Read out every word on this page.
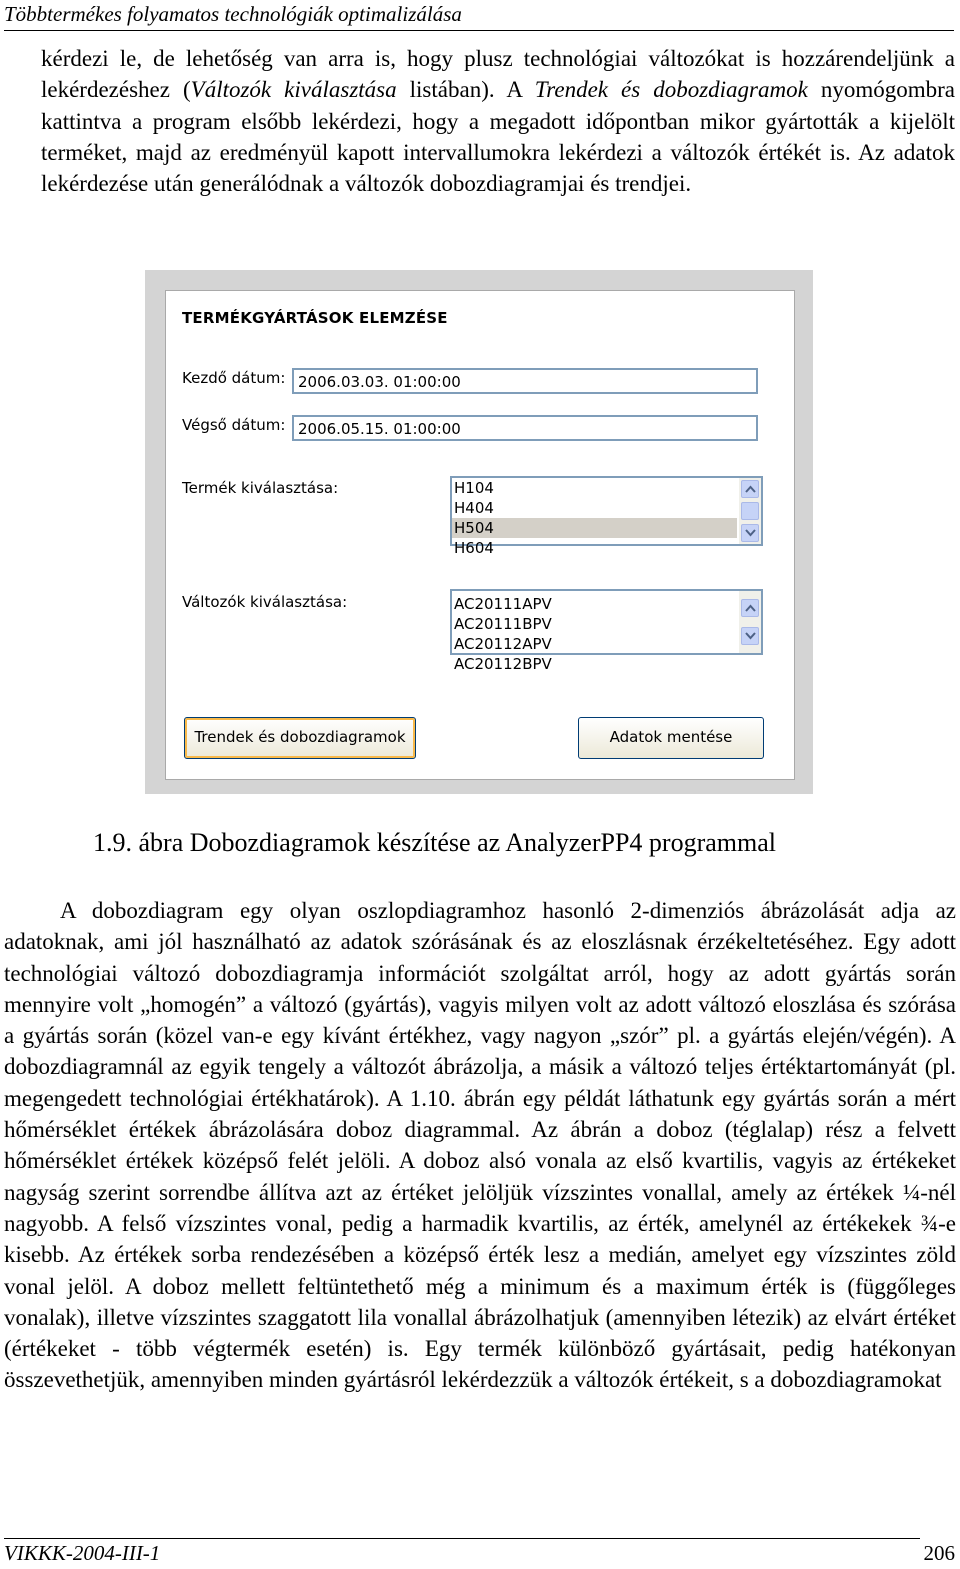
Többtermékes folyamatos technológiák optimalizálása

kérdezi le, de lehetőség van arra is, hogy plusz technológiai változókat is hozzárendeljünk a lekérdezéshez (Változók kiválasztása listában). A Trendek és dobozdiagramok nyomógombra kattintva a program elsőbb lekérdezi, hogy a megadott időpontban mikor gyártották a kijelölt terméket, majd az eredményül kapott intervallumokra lekérdezi a változók értékét is. Az adatok lekérdezése után generálódnak a változók dobozdiagramjai és trendjei.

TERMÉKGYÁRTÁSOK ELEMZÉSE
Kezdő dátum: 2006.03.03. 01:00:00
Végső dátum: 2006.05.15. 01:00:00
Termék kiválasztása:	H104
H404
H504
H604
Változók kiválasztása:	AC20111APV
AC20111BPV
AC20112APV
AC20112BPV
Trendek és dobozdiagramok	Adatok mentése
1.9. ábra Dobozdiagramok készítése az AnalyzerPP4 programmal

A dobozdiagram egy olyan oszlopdiagramhoz hasonló 2-dimenziós ábrázolását adja az adatoknak, ami jól használható az adatok szórásának és az eloszlásnak érzékeltetéséhez. Egy adott technológiai változó dobozdiagramja információt szolgáltat arról, hogy az adott gyártás során mennyire volt „homogén” a változó (gyártás), vagyis milyen volt az adott változó eloszlása és szórása a gyártás során (közel van-e egy kívánt értékhez, vagy nagyon „szór” pl. a gyártás elején/végén). A dobozdiagramnál az egyik tengely a változót ábrázolja, a másik a változó teljes értéktartományát (pl. megengedett technológiai értékhatárok). A 1.10. ábrán egy példát láthatunk egy gyártás során a mért hőmérséklet értékek ábrázolására doboz diagrammal. Az ábrán a doboz (téglalap) rész a felvett hőmérséklet értékek középső felét jelöli. A doboz alsó vonala az első kvartilis, vagyis az értékeket nagyság szerint sorrendbe állítva azt az értéket jelöljük vízszintes vonallal, amely az értékek ¼-nél nagyobb. A felső vízszintes vonal, pedig a harmadik kvartilis, az érték, amelynél az értékekek ¾-e kisebb. Az értékek sorba rendezésében a középső érték lesz a medián, amelyet egy vízszintes zöld vonal jelöl. A doboz mellett feltüntethető még a minimum és a maximum érték is (függőleges vonalak), illetve vízszintes szaggatott lila vonallal ábrázolhatjuk (amennyiben létezik) az elvárt értéket (értékeket - több végtermék esetén) is. Egy termék különböző gyártásait, pedig hatékonyan összevethetjük, amennyiben minden gyártásról lekérdezzük a változók értékeit, s a dobozdiagramokat

VIKKK-2004-III-1	206
